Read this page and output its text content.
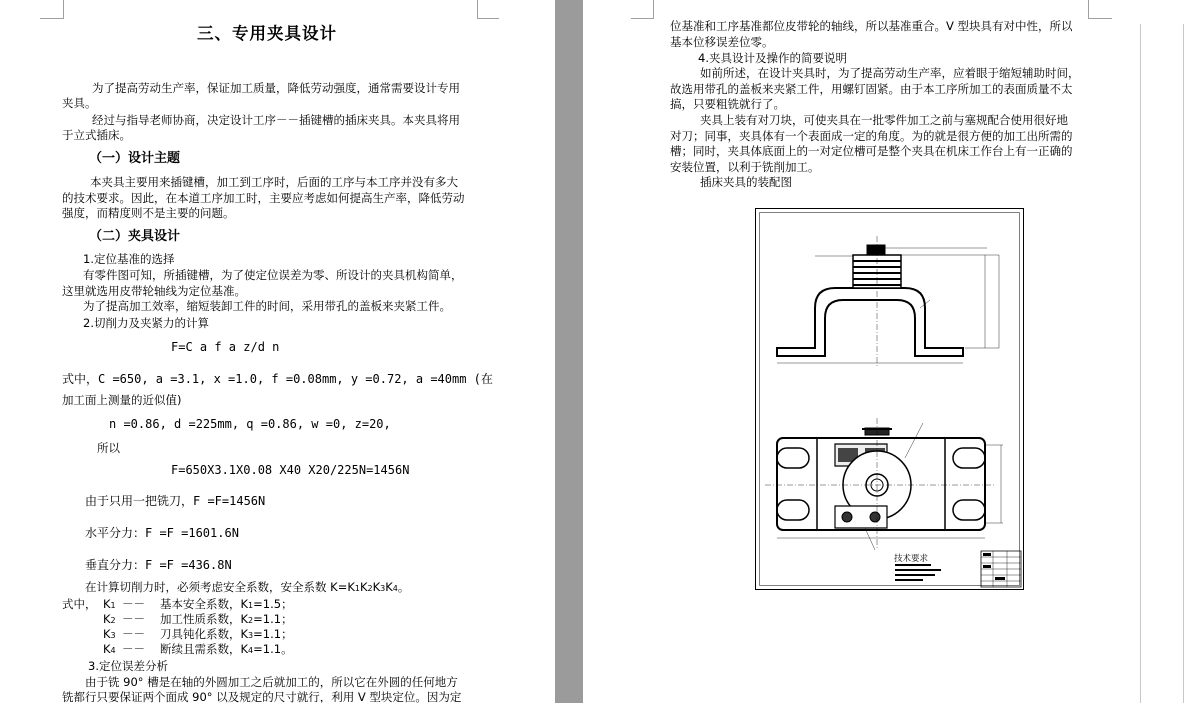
三、专用夹具设计
为了提高劳动生产率，保证加工质量，降低劳动强度，通常需要设计专用
夹具。
经过与指导老师协商，决定设计工序－－插键槽的插床夹具。本夹具将用
于立式插床。
（一）设计主题
本夹具主要用来插键槽，加工到工序时，后面的工序与本工序并没有多大
的技术要求。因此，在本道工序加工时，主要应考虑如何提高生产率，降低劳动
强度，而精度则不是主要的问题。
（二）夹具设计
1.定位基准的选择
有零件图可知，所插键槽，为了使定位误差为零、所设计的夹具机构简单，
这里就选用皮带轮轴线为定位基准。
为了提高加工效率，缩短装卸工件的时间，采用带孔的盖板来夹紧工件。
2.切削力及夹紧力的计算
F=C a f a z/d n
式中，C =650, a =3.1, x =1.0, f =0.08mm, y =0.72, a =40mm (在
加工面上测量的近似值)
n =0.86, d =225mm, q =0.86, w =0, z=20,
所以
F=650X3.1X0.08 X40 X20/225N=1456N
由于只用一把铣刀，F =F=1456N
水平分力：F =F =1601.6N
垂直分力：F =F =436.8N
在计算切削力时，必须考虑安全系数，安全系数 K=K1K2K3K4。
式中， K1 －－ 基本安全系数，K1=1.5；
K2 －－ 加工性质系数，K2=1.1；
K3 －－ 刀具钝化系数，K3=1.1；
K4 －－ 断续且需系数，K4=1.1。
3.定位误差分析
由于铣 90° 槽是在轴的外圆加工之后就加工的，所以它在外圆的任何地方
铣都行只要保证两个面成 90° 以及规定的尺寸就行，利用 V 型块定位。因为定
位基准和工序基准都位皮带轮的轴线，所以基准重合。V 型块具有对中性，所以
基本位移误差位零。
4.夹具设计及操作的简要说明
如前所述，在设计夹具时，为了提高劳动生产率，应着眼于缩短辅助时间，
故选用带孔的盖板来夹紧工件，用螺钉固紧。由于本工序所加工的表面质量不太
搞，只要粗铣就行了。
夹具上装有对刀块，可使夹具在一批零件加工之前与塞规配合使用很好地
对刀；同事，夹具体有一个表面成一定的角度。为的就是很方便的加工出所需的
槽；同时，夹具体底面上的一对定位槽可是整个夹具在机床工作台上有一正确的
安装位置，以利于铣削加工。
插床夹具的装配图
技术要求
